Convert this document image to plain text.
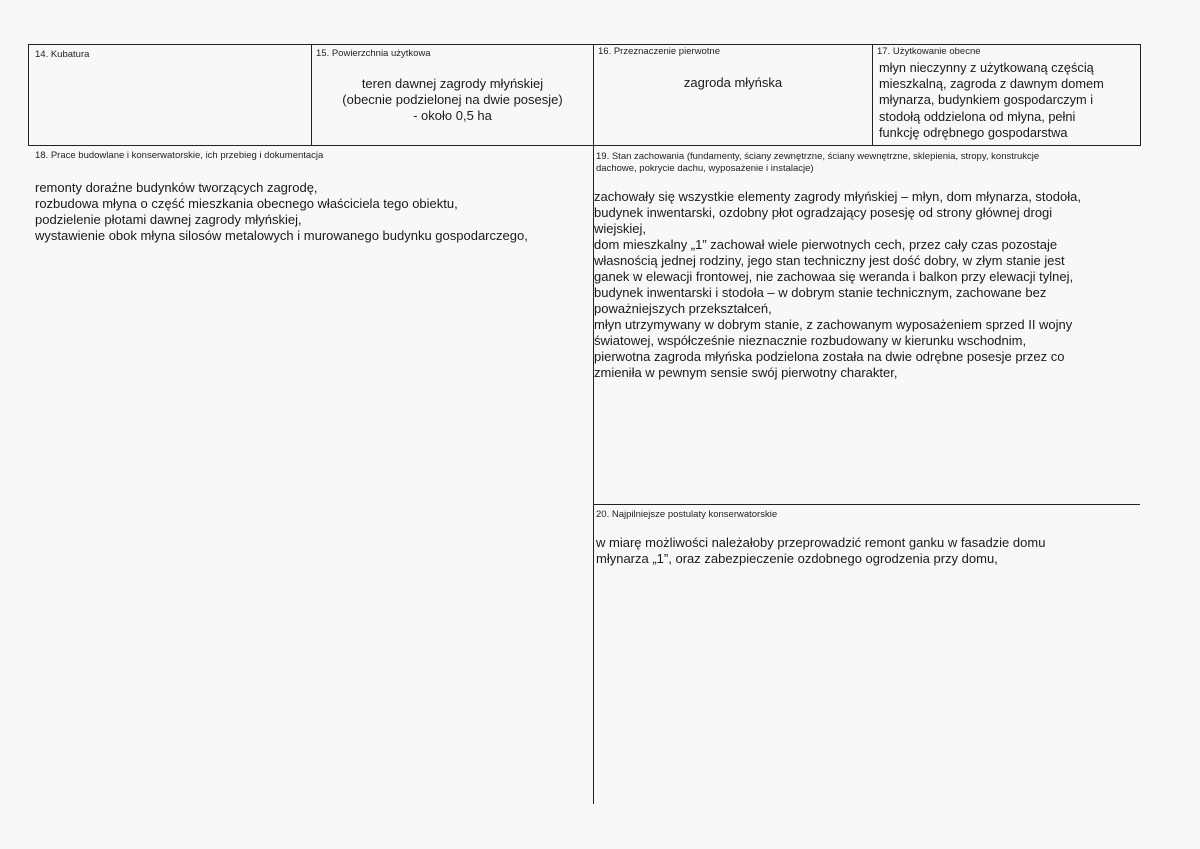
14. Kubatura	15. Powierzchnia użytkowa
teren dawnej zagrody młyńskiej
(obecnie podzielonej na dwie posesje)
- około 0,5 ha
16. Przeznaczenie pierwotne
zagroda młyńska
17. Użytkowanie obecne
młyn nieczynny z użytkowaną częścią
mieszkalną, zagroda z dawnym domem
młynarza, budynkiem gospodarczym i
stodołą oddzielona od młyna, pełni
funkcję odrębnego gospodarstwa
18. Prace budowlane i konserwatorskie, ich przebieg i dokumentacja
remonty doraźne budynków tworzących zagrodę,
rozbudowa młyna o część mieszkania obecnego właściciela tego obiektu,
podzielenie płotami dawnej zagrody młyńskiej,
wystawienie obok młyna silosów metalowych i murowanego budynku gospodarczego,
19. Stan zachowania (fundamenty, ściany zewnętrzne, ściany wewnętrzne, sklepienia, stropy, konstrukcje
dachowe, pokrycie dachu, wyposażenie i instalacje)
zachowały się wszystkie elementy zagrody młyńskiej – młyn, dom młynarza, stodoła,
budynek inwentarski, ozdobny płot ogradzający posesję od strony głównej drogi
wiejskiej,
dom mieszkalny „1” zachował wiele pierwotnych cech, przez cały czas pozostaje
własnością jednej rodziny, jego stan techniczny jest dość dobry, w złym stanie jest
ganek w elewacji frontowej, nie zachowaa się weranda i balkon przy elewacji tylnej,
budynek inwentarski i stodoła – w dobrym stanie technicznym, zachowane bez
poważniejszych przekształceń,
młyn utrzymywany w dobrym stanie, z zachowanym wyposażeniem sprzed II wojny
światowej, współcześnie nieznacznie rozbudowany w kierunku wschodnim,
pierwotna zagroda młyńska podzielona została na dwie odrębne posesje przez co
zmieniła w pewnym sensie swój pierwotny charakter,
20. Najpilniejsze postulaty konserwatorskie
w miarę możliwości należałoby przeprowadzić remont ganku w fasadzie domu
młynarza „1”, oraz zabezpieczenie ozdobnego ogrodzenia przy domu,
